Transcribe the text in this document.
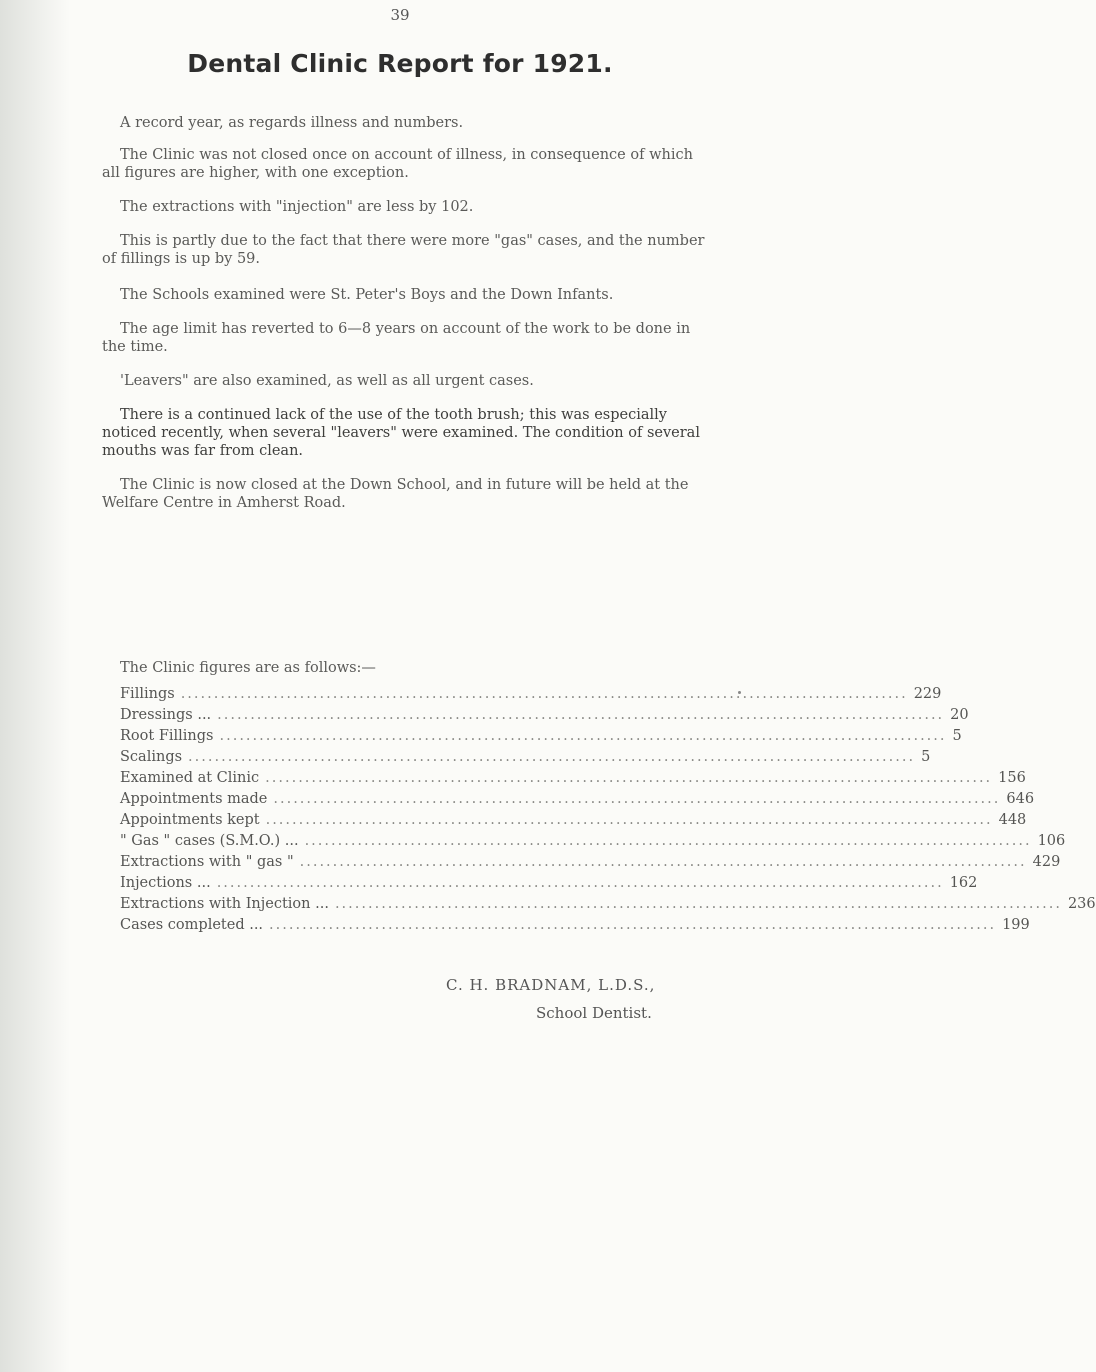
39
Dental Clinic Report for 1921.

A record year, as regards illness and numbers.

The Clinic was not closed once on account of illness, in consequence of which all figures are higher, with one exception.

The extractions with "injection" are less by 102.

This is partly due to the fact that there were more "gas" cases, and the number of fillings is up by 59.

The Schools examined were St. Peter's Boys and the Down Infants.

The age limit has reverted to 6—8 years on account of the work to be done in the time.

'Leavers" are also examined, as well as all urgent cases.

There is a continued lack of the use of the tooth brush; this was especially noticed recently, when several "leavers" were examined. The condition of several mouths was far from clean.

The Clinic is now closed at the Down School, and in future will be held at the Welfare Centre in Amherst Road.

The Clinic figures are as follows:—
Fillings .............................................................................................................. 229
Dressings ... .............................................................................................................. 20
Root Fillings .............................................................................................................. 5
Scalings .............................................................................................................. 5
Examined at Clinic .............................................................................................................. 156
Appointments made .............................................................................................................. 646
Appointments kept .............................................................................................................. 448
" Gas " cases (S.M.O.) ... .............................................................................................................. 106
Extractions with " gas " .............................................................................................................. 429
Injections ... .............................................................................................................. 162
Extractions with Injection ... .............................................................................................................. 236
Cases completed ... .............................................................................................................. 199
C. H. BRADNAM, L.D.S.,
School Dentist.
